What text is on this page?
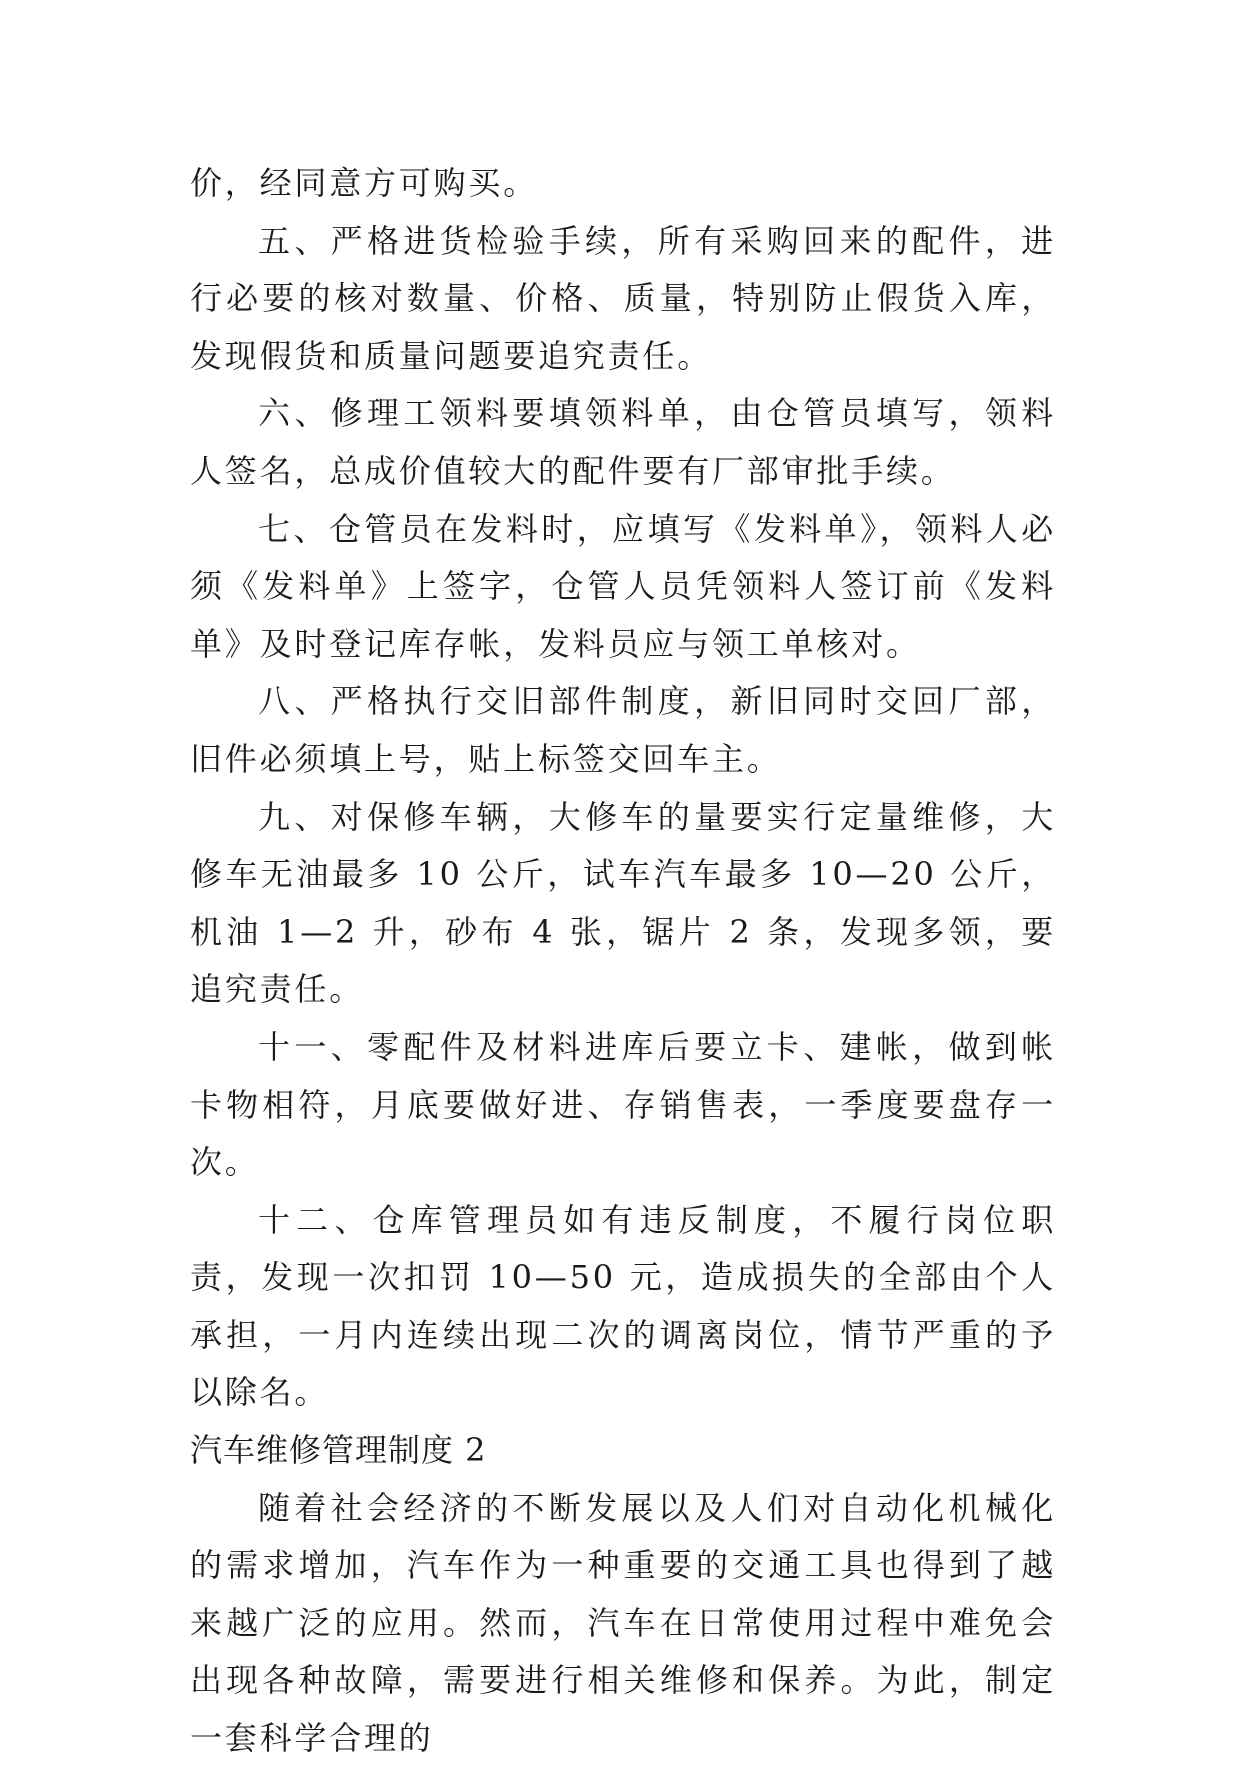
价，经同意方可购买。

五、严格进货检验手续，所有采购回来的配件，进行必要的核对数量、价格、质量，特别防止假货入库，发现假货和质量问题要追究责任。

六、修理工领料要填领料单，由仓管员填写，领料人签名，总成价值较大的配件要有厂部审批手续。

七、仓管员在发料时，应填写《发料单》，领料人必须《发料单》上签字，仓管人员凭领料人签订前《发料单》及时登记库存帐，发料员应与领工单核对。

八、严格执行交旧部件制度，新旧同时交回厂部，旧件必须填上号，贴上标签交回车主。

九、对保修车辆，大修车的量要实行定量维修，大修车无油最多 10 公斤，试车汽车最多 10—20 公斤，机油 1—2 升，砂布 4 张，锯片 2 条，发现多领，要追究责任。

十一、零配件及材料进库后要立卡、建帐，做到帐卡物相符，月底要做好进、存销售表，一季度要盘存一次。

十二、仓库管理员如有违反制度，不履行岗位职责，发现一次扣罚 10—50 元，造成损失的全部由个人承担，一月内连续出现二次的调离岗位，情节严重的予以除名。

汽车维修管理制度 2

随着社会经济的不断发展以及人们对自动化机械化的需求增加，汽车作为一种重要的交通工具也得到了越来越广泛的应用。然而，汽车在日常使用过程中难免会出现各种故障，需要进行相关维修和保养。为此，制定一套科学合理的
